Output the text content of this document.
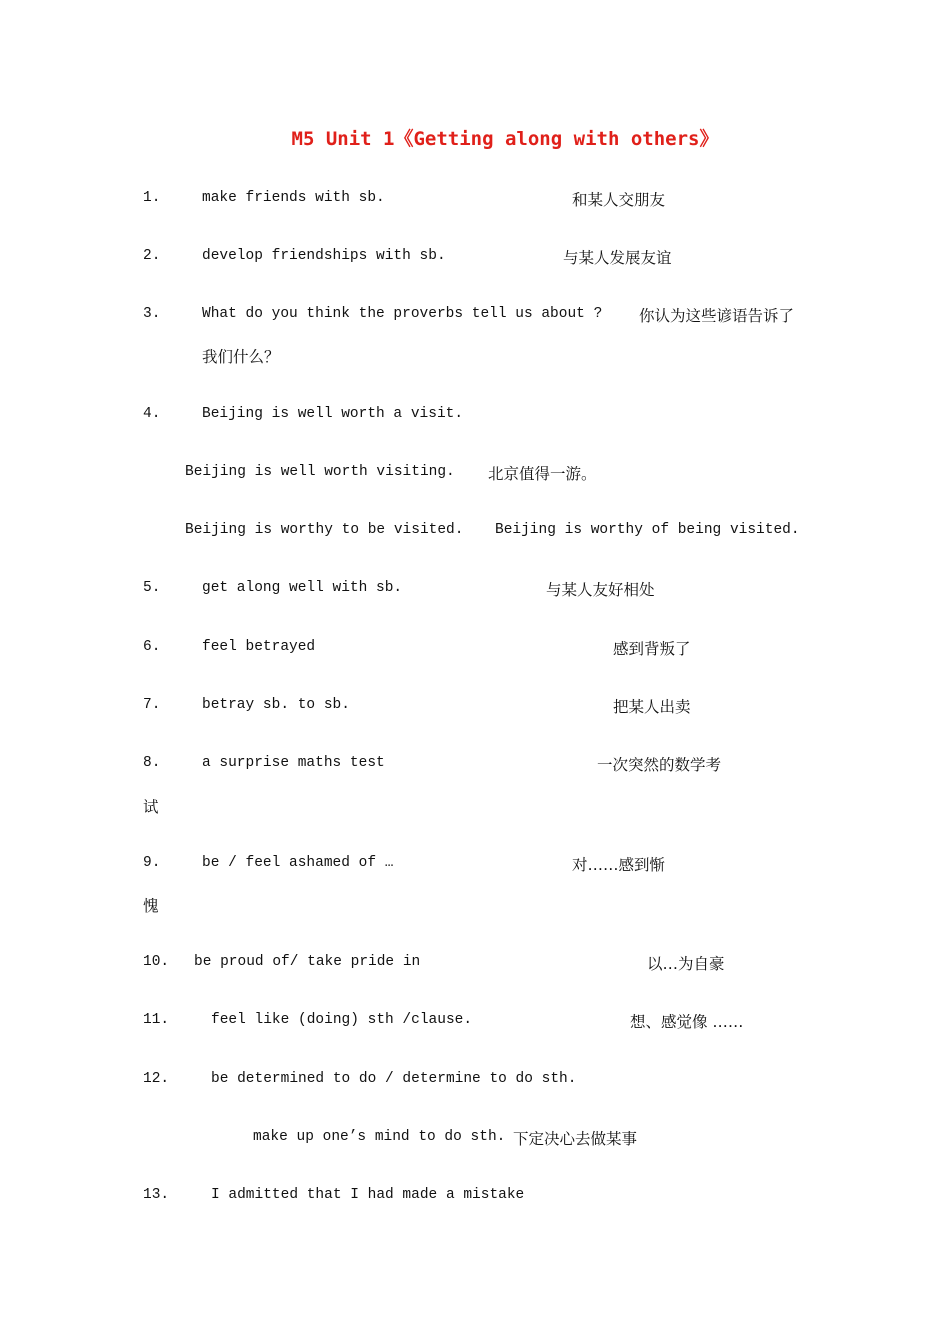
M5 Unit 1《Getting along with others》
1.	make friends with sb.	和某人交朋友
2.	develop friendships with sb.	与某人发展友谊
3.	What do you think the proverbs tell us about ? 你认为这些谚语告诉了
我们什么？
4.	Beijing is well worth a visit.
Beijing is well worth visiting. 北京值得一游。
Beijing is worthy to be visited. Beijing is worthy of being visited.
5.	get along well with sb.	与某人友好相处
6.	feel betrayed	感到背叛了
7.	betray sb. to sb.	把某人出卖
8.	a surprise maths test	一次突然的数学考
试
9.	be / feel ashamed of …	对……感到惭
愧
10. be proud of/ take pride in	以…为自豪
11.	feel like (doing) sth /clause.	想、感觉像 ……
12.	be determined to do / determine to do sth.
make up one’s mind to do sth. 下定决心去做某事
13.	I admitted that I had made a mistake
